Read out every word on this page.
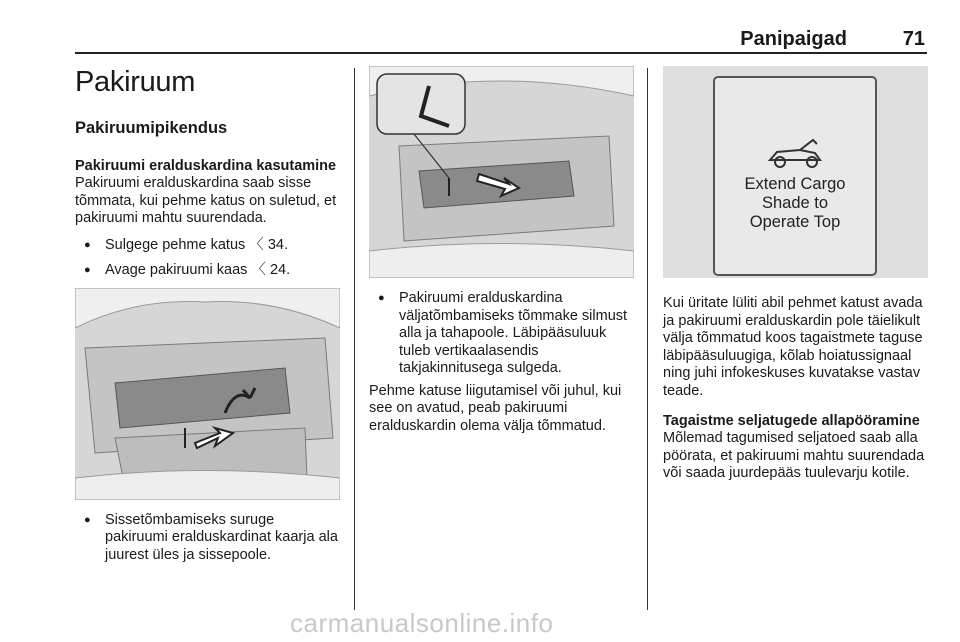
Panipaigad	71
Pakiruum
Pakiruumipikendus
Pakiruumi eralduskardina kasutamine

Pakiruumi eralduskardina saab sisse tõmmata, kui pehme katus on suletud, et pakiruumi mahtu suurendada.

● Sulgege pehme katus 〈 34.
● Avage pakiruumi kaas 〈 24.
● Sissetõmbamiseks suruge pakiruumi eralduskardinat kaarja ala juurest üles ja sissepoole.
● Pakiruumi eralduskardina väljatõmbamiseks tõmmake silmust alla ja tahapoole. Läbipääsuluuk tuleb vertikaalasendis takjakinnitusega sulgeda.

Pehme katuse liigutamisel või juhul, kui see on avatud, peab pakiruumi eralduskardin olema välja tõmmatud.

Extend Cargo
Shade to
Operate Top

Kui üritate lüliti abil pehmet katust avada ja pakiruumi eralduskardin pole täielikult välja tõmmatud koos tagaistmete taguse läbipääsuluugiga, kõlab hoiatussignaal ning juhi infokeskuses kuvatakse vastav teade.

Tagaistme seljatugede allapööramine

Mõlemad tagumised seljatoed saab alla pöörata, et pakiruumi mahtu suurendada või saada juurdepääs tuulevarju kotile.

carmanualsonline.info
